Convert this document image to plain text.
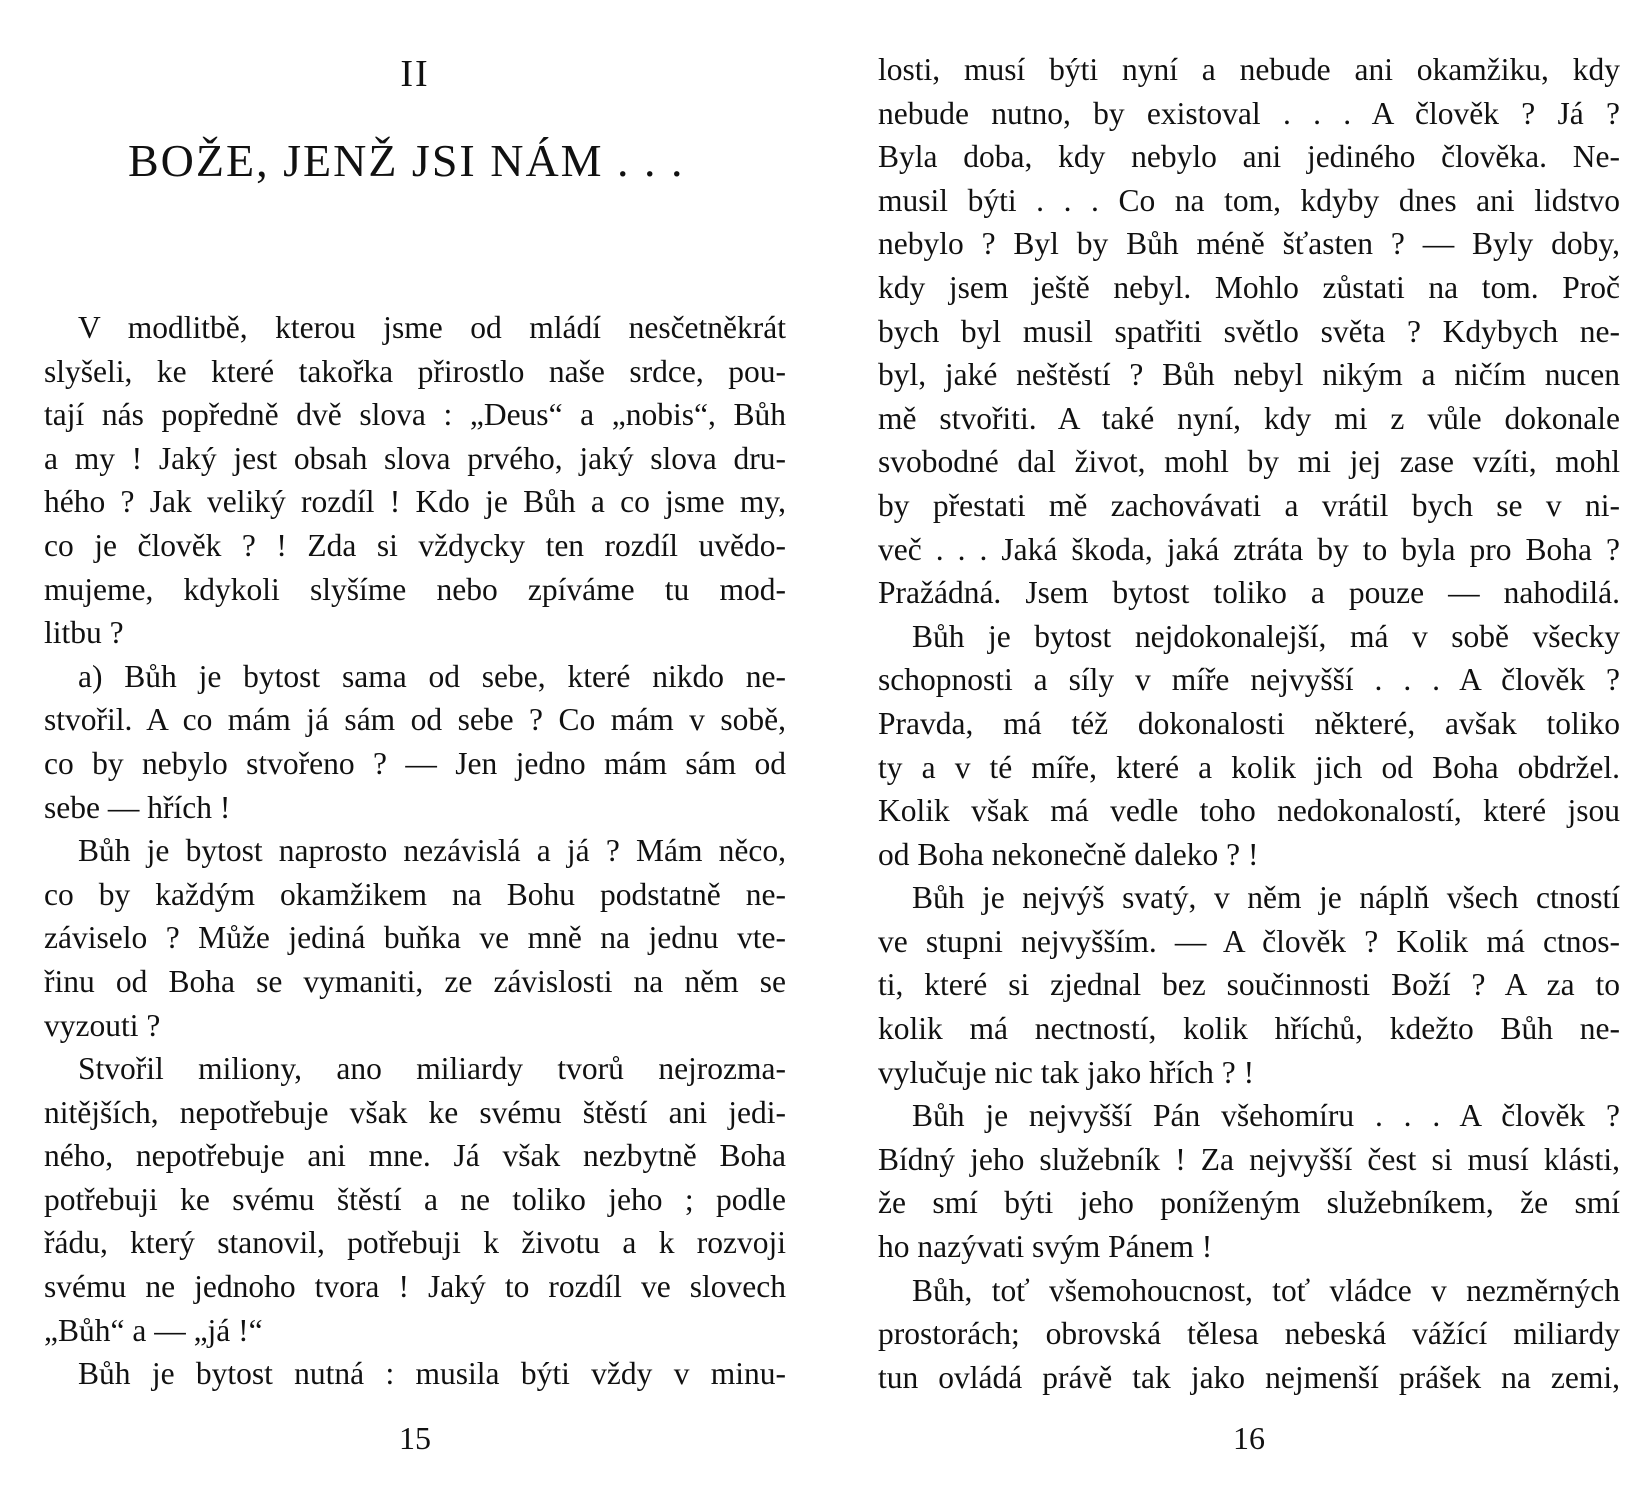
II
BOŽE, JENŽ JSI NÁM . . .
V modlitbě, kterou jsme od mládí nesčetněkrát
slyšeli, ke které takořka přirostlo naše srdce, pou-
tají nás popředně dvě slova : „Deus“ a „nobis“, Bůh
a my ! Jaký jest obsah slova prvého, jaký slova dru-
hého ? Jak veliký rozdíl ! Kdo je Bůh a co jsme my,
co je člověk ? ! Zda si vždycky ten rozdíl uvědo-
mujeme, kdykoli slyšíme nebo zpíváme tu mod-
litbu ?
a) Bůh je bytost sama od sebe, které nikdo ne-
stvořil. A co mám já sám od sebe ? Co mám v sobě,
co by nebylo stvořeno ? — Jen jedno mám sám od
sebe — hřích !
Bůh je bytost naprosto nezávislá a já ? Mám něco,
co by každým okamžikem na Bohu podstatně ne-
záviselo ? Může jediná buňka ve mně na jednu vte-
řinu od Boha se vymaniti, ze závislosti na něm se
vyzouti ?
Stvořil miliony, ano miliardy tvorů nejrozma-
nitějších, nepotřebuje však ke svému štěstí ani jedi-
ného, nepotřebuje ani mne. Já však nezbytně Boha
potřebuji ke svému štěstí a ne toliko jeho ; podle
řádu, který stanovil, potřebuji k životu a k rozvoji
svému ne jednoho tvora ! Jaký to rozdíl ve slovech
„Bůh“ a — „já !“
Bůh je bytost nutná : musila býti vždy v minu-
15
losti, musí býti nyní a nebude ani okamžiku, kdy
nebude nutno, by existoval . . . A člověk ? Já ?
Byla doba, kdy nebylo ani jediného člověka. Ne-
musil býti . . . Co na tom, kdyby dnes ani lidstvo
nebylo ? Byl by Bůh méně šťasten ? — Byly doby,
kdy jsem ještě nebyl. Mohlo zůstati na tom. Proč
bych byl musil spatřiti světlo světa ? Kdybych ne-
byl, jaké neštěstí ? Bůh nebyl nikým a ničím nucen
mě stvořiti. A také nyní, kdy mi z vůle dokonale
svobodné dal život, mohl by mi jej zase vzíti, mohl
by přestati mě zachovávati a vrátil bych se v ni-
več . . . Jaká škoda, jaká ztráta by to byla pro Boha ?
Pražádná. Jsem bytost toliko a pouze — nahodilá.
Bůh je bytost nejdokonalejší, má v sobě všecky
schopnosti a síly v míře nejvyšší . . . A člověk ?
Pravda, má též dokonalosti některé, avšak toliko
ty a v té míře, které a kolik jich od Boha obdržel.
Kolik však má vedle toho nedokonalostí, které jsou
od Boha nekonečně daleko ? !
Bůh je nejvýš svatý, v něm je náplň všech ctností
ve stupni nejvyšším. — A člověk ? Kolik má ctnos-
ti, které si zjednal bez součinnosti Boží ? A za to
kolik má nectností, kolik hříchů, kdežto Bůh ne-
vylučuje nic tak jako hřích ? !
Bůh je nejvyšší Pán všehomíru . . . A člověk ?
Bídný jeho služebník ! Za nejvyšší čest si musí klásti,
že smí býti jeho poníženým služebníkem, že smí
ho nazývati svým Pánem !
Bůh, toť všemohoucnost, toť vládce v nezměrných
prostorách; obrovská tělesa nebeská vážící miliardy
tun ovládá právě tak jako nejmenší prášek na zemi,
16
